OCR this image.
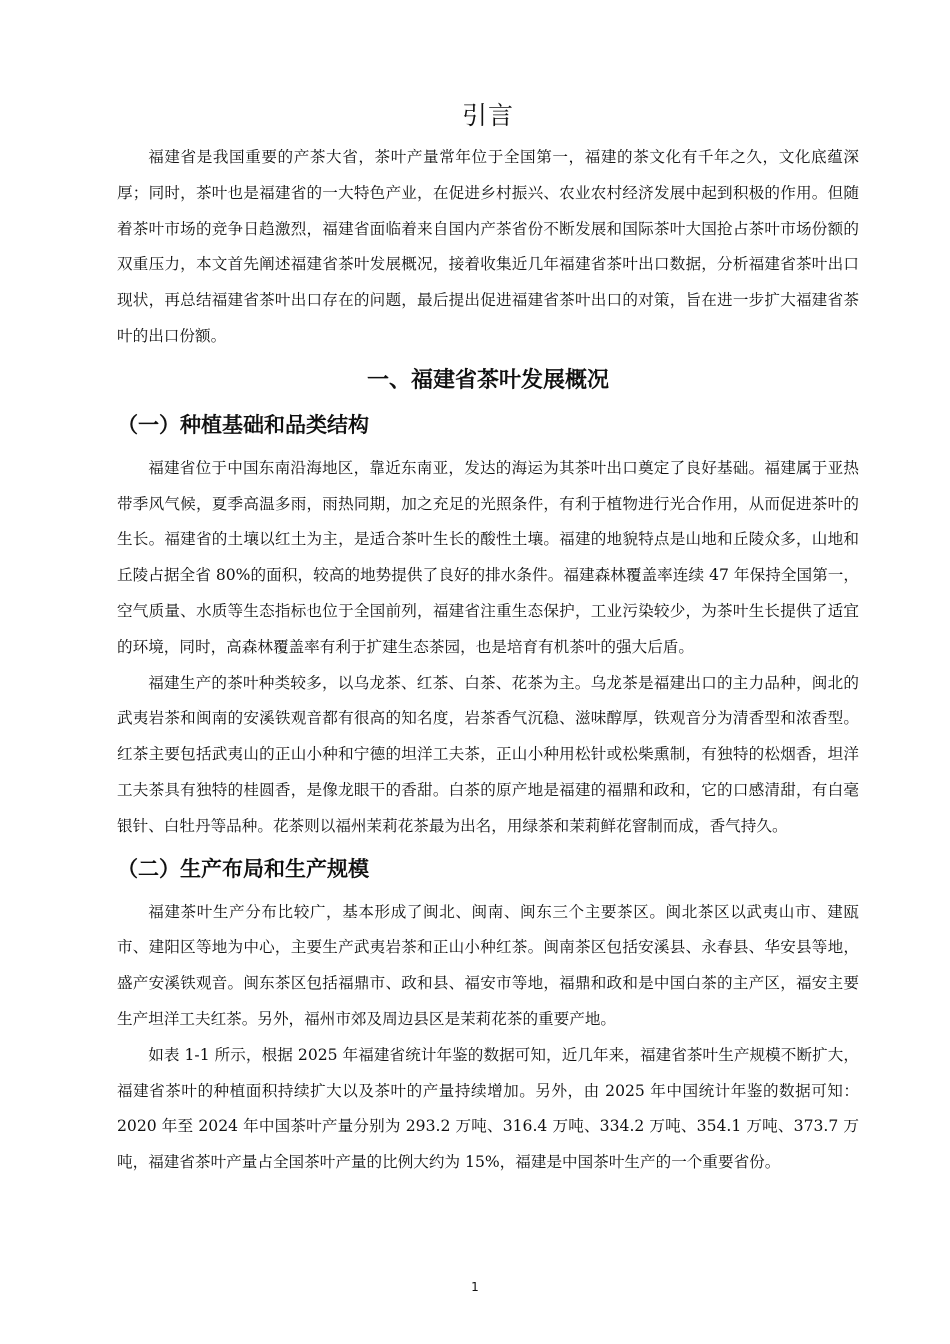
引言

福建省是我国重要的产茶大省，茶叶产量常年位于全国第一，福建的茶文化有千年之久，文化底蕴深厚；同时，茶叶也是福建省的一大特色产业，在促进乡村振兴、农业农村经济发展中起到积极的作用。但随着茶叶市场的竞争日趋激烈，福建省面临着来自国内产茶省份不断发展和国际茶叶大国抢占茶叶市场份额的双重压力，本文首先阐述福建省茶叶发展概况，接着收集近几年福建省茶叶出口数据，分析福建省茶叶出口现状，再总结福建省茶叶出口存在的问题，最后提出促进福建省茶叶出口的对策，旨在进一步扩大福建省茶叶的出口份额。

一、福建省茶叶发展概况
（一）种植基础和品类结构

福建省位于中国东南沿海地区，靠近东南亚，发达的海运为其茶叶出口奠定了良好基础。福建属于亚热带季风气候，夏季高温多雨，雨热同期，加之充足的光照条件，有利于植物进行光合作用，从而促进茶叶的生长。福建省的土壤以红土为主，是适合茶叶生长的酸性土壤。福建的地貌特点是山地和丘陵众多，山地和丘陵占据全省 80%的面积，较高的地势提供了良好的排水条件。福建森林覆盖率连续 47 年保持全国第一，空气质量、水质等生态指标也位于全国前列，福建省注重生态保护，工业污染较少，为茶叶生长提供了适宜的环境，同时，高森林覆盖率有利于扩建生态茶园，也是培育有机茶叶的强大后盾。

福建生产的茶叶种类较多，以乌龙茶、红茶、白茶、花茶为主。乌龙茶是福建出口的主力品种，闽北的武夷岩茶和闽南的安溪铁观音都有很高的知名度，岩茶香气沉稳、滋味醇厚，铁观音分为清香型和浓香型。红茶主要包括武夷山的正山小种和宁德的坦洋工夫茶，正山小种用松针或松柴熏制，有独特的松烟香，坦洋工夫茶具有独特的桂圆香，是像龙眼干的香甜。白茶的原产地是福建的福鼎和政和，它的口感清甜，有白毫银针、白牡丹等品种。花茶则以福州茉莉花茶最为出名，用绿茶和茉莉鲜花窨制而成，香气持久。

（二）生产布局和生产规模

福建茶叶生产分布比较广，基本形成了闽北、闽南、闽东三个主要茶区。闽北茶区以武夷山市、建瓯市、建阳区等地为中心，主要生产武夷岩茶和正山小种红茶。闽南茶区包括安溪县、永春县、华安县等地，盛产安溪铁观音。闽东茶区包括福鼎市、政和县、福安市等地，福鼎和政和是中国白茶的主产区，福安主要生产坦洋工夫红茶。另外，福州市郊及周边县区是茉莉花茶的重要产地。

如表 1-1 所示，根据 2025 年福建省统计年鉴的数据可知，近几年来，福建省茶叶生产规模不断扩大，福建省茶叶的种植面积持续扩大以及茶叶的产量持续增加。另外，由 2025 年中国统计年鉴的数据可知：2020 年至 2024 年中国茶叶产量分别为 293.2 万吨、316.4 万吨、334.2 万吨、354.1 万吨、373.7 万吨，福建省茶叶产量占全国茶叶产量的比例大约为 15%，福建是中国茶叶生产的一个重要省份。

1
